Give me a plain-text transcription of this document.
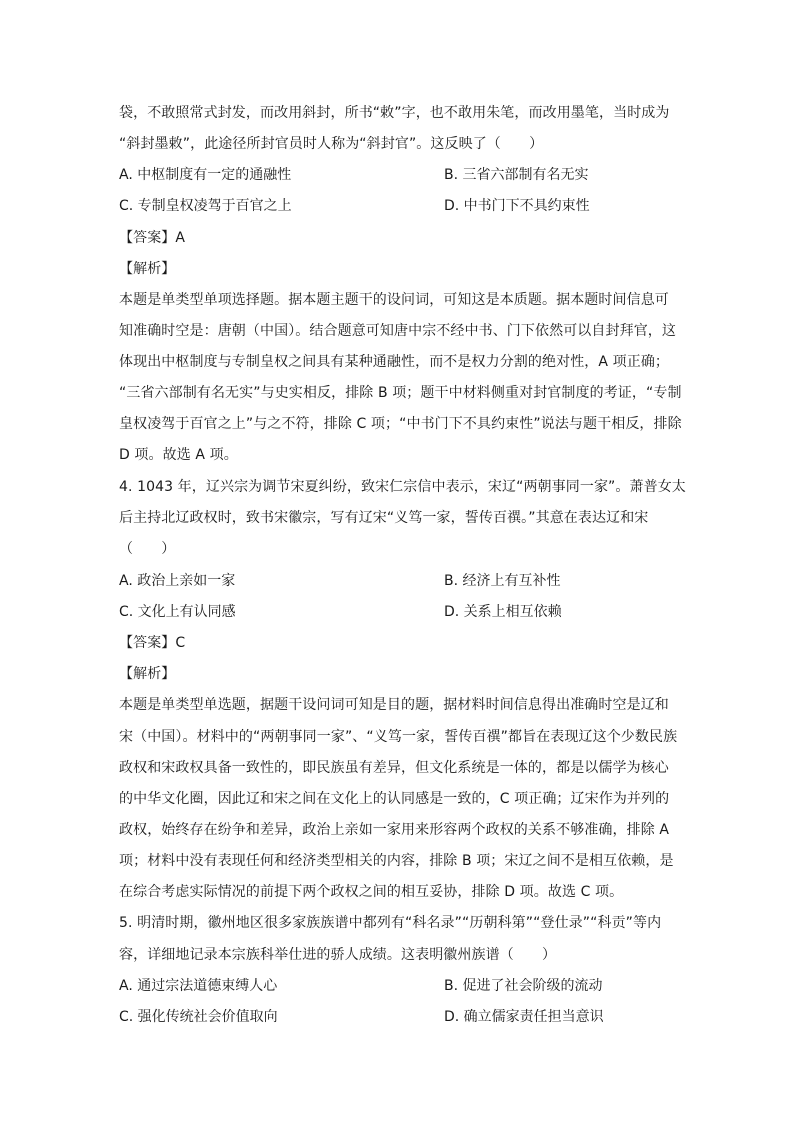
袋，不敢照常式封发，而改用斜封，所书“敕”字，也不敢用朱笔，而改用墨笔，当时成为
“斜封墨敕”，此途径所封官员时人称为“斜封官”。这反映了（　　）
A. 中枢制度有一定的通融性	B. 三省六部制有名无实
C. 专制皇权凌驾于百官之上	D. 中书门下不具约束性
【答案】A
【解析】
本题是单类型单项选择题。据本题主题干的设问词，可知这是本质题。据本题时间信息可
知准确时空是：唐朝（中国）。结合题意可知唐中宗不经中书、门下依然可以自封拜官，这
体现出中枢制度与专制皇权之间具有某种通融性，而不是权力分割的绝对性，A 项正确；
“三省六部制有名无实”与史实相反，排除 B 项；题干中材料侧重对封官制度的考证，“专制
皇权凌驾于百官之上”与之不符，排除 C 项；“中书门下不具约束性”说法与题干相反，排除
D 项。故选 A 项。
4. 1043 年，辽兴宗为调节宋夏纠纷，致宋仁宗信中表示，宋辽“两朝事同一家”。萧普女太
后主持北辽政权时，致书宋徽宗，写有辽宋“义笃一家，誓传百禩。”其意在表达辽和宋
（　　）
A. 政治上亲如一家	B. 经济上有互补性
C. 文化上有认同感	D. 关系上相互依赖
【答案】C
【解析】
本题是单类型单选题，据题干设问词可知是目的题，据材料时间信息得出准确时空是辽和
宋（中国）。材料中的“两朝事同一家”、“义笃一家，誓传百禩”都旨在表现辽这个少数民族
政权和宋政权具备一致性的，即民族虽有差异，但文化系统是一体的，都是以儒学为核心
的中华文化圈，因此辽和宋之间在文化上的认同感是一致的，C 项正确；辽宋作为并列的
政权，始终存在纷争和差异，政治上亲如一家用来形容两个政权的关系不够准确，排除 A
项；材料中没有表现任何和经济类型相关的内容，排除 B 项；宋辽之间不是相互依赖，是
在综合考虑实际情况的前提下两个政权之间的相互妥协，排除 D 项。故选 C 项。
5. 明清时期，徽州地区很多家族族谱中都列有“科名录”“历朝科第”“登仕录”“科贡”等内
容，详细地记录本宗族科举仕进的骄人成绩。这表明徽州族谱（　　）
A. 通过宗法道德束缚人心	B. 促进了社会阶级的流动
C. 强化传统社会价值取向	D. 确立儒家责任担当意识
